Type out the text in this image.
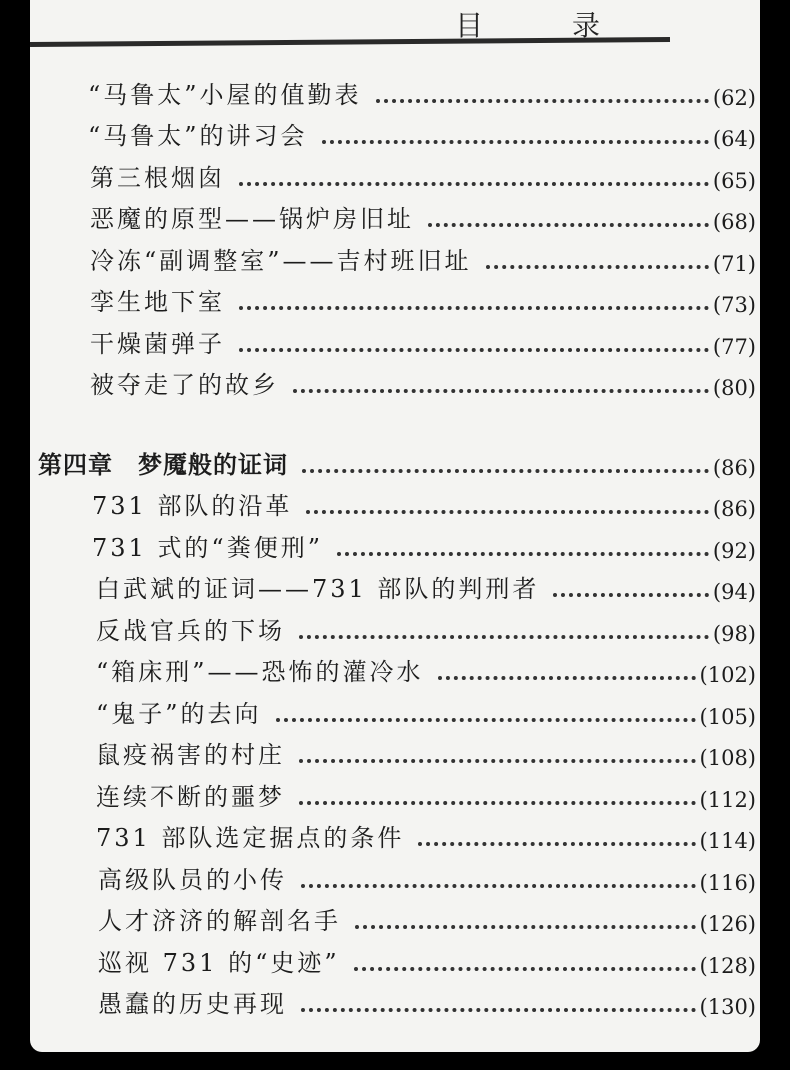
目 录
“马鲁太”小屋的值勤表	(62)
“马鲁太”的讲习会	(64)
第三根烟囱	(65)
恶魔的原型——锅炉房旧址	(68)
冷冻“副调整室”——吉村班旧址	(71)
孪生地下室	(73)
干燥菌弹子	(77)
被夺走了的故乡	(80)
第四章　梦魇般的证词	(86)
731 部队的沿革	(86)
731 式的“粪便刑”	(92)
白武斌的证词——731 部队的判刑者	(94)
反战官兵的下场	(98)
“箱床刑”——恐怖的灌冷水	(102)
“鬼子”的去向	(105)
鼠疫祸害的村庄	(108)
连续不断的噩梦	(112)
731 部队选定据点的条件	(114)
高级队员的小传	(116)
人才济济的解剖名手	(126)
巡视 731 的“史迹”	(128)
愚蠢的历史再现	(130)
